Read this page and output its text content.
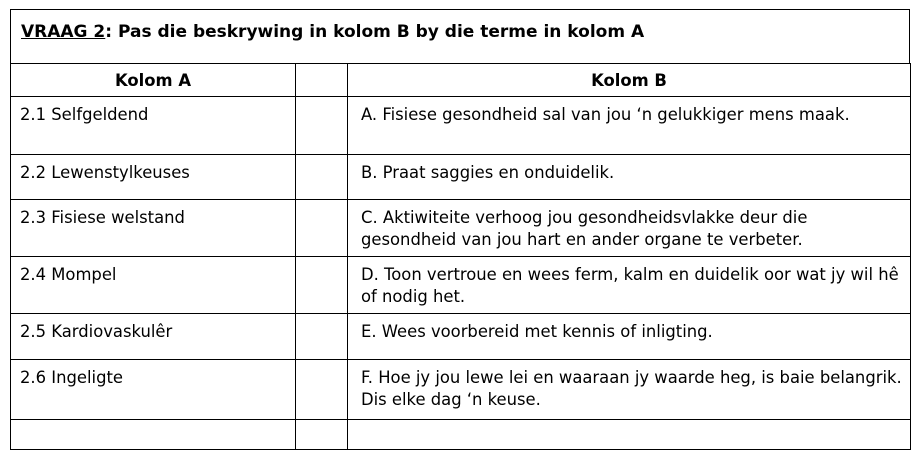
VRAAG 2: Pas die beskrywing in kolom B by die terme in kolom A
Kolom A		Kolom B

2.1 Selfgeldend		A. Fisiese gesondheid sal van jou ‘n gelukkiger mens maak.

2.2 Lewenstylkeuses		B. Praat saggies en onduidelik.

2.3 Fisiese welstand		C. Aktiwiteite verhoog jou gesondheidsvlakke deur die gesondheid van jou hart en ander organe te verbeter.

2.4 Mompel		D. Toon vertroue en wees ferm, kalm en duidelik oor wat jy wil hê of nodig het.

2.5 Kardiovaskulêr		E. Wees voorbereid met kennis of inligting.

2.6 Ingeligte		F. Hoe jy jou lewe lei en waaraan jy waarde heg, is baie belangrik. Dis elke dag ‘n keuse.
